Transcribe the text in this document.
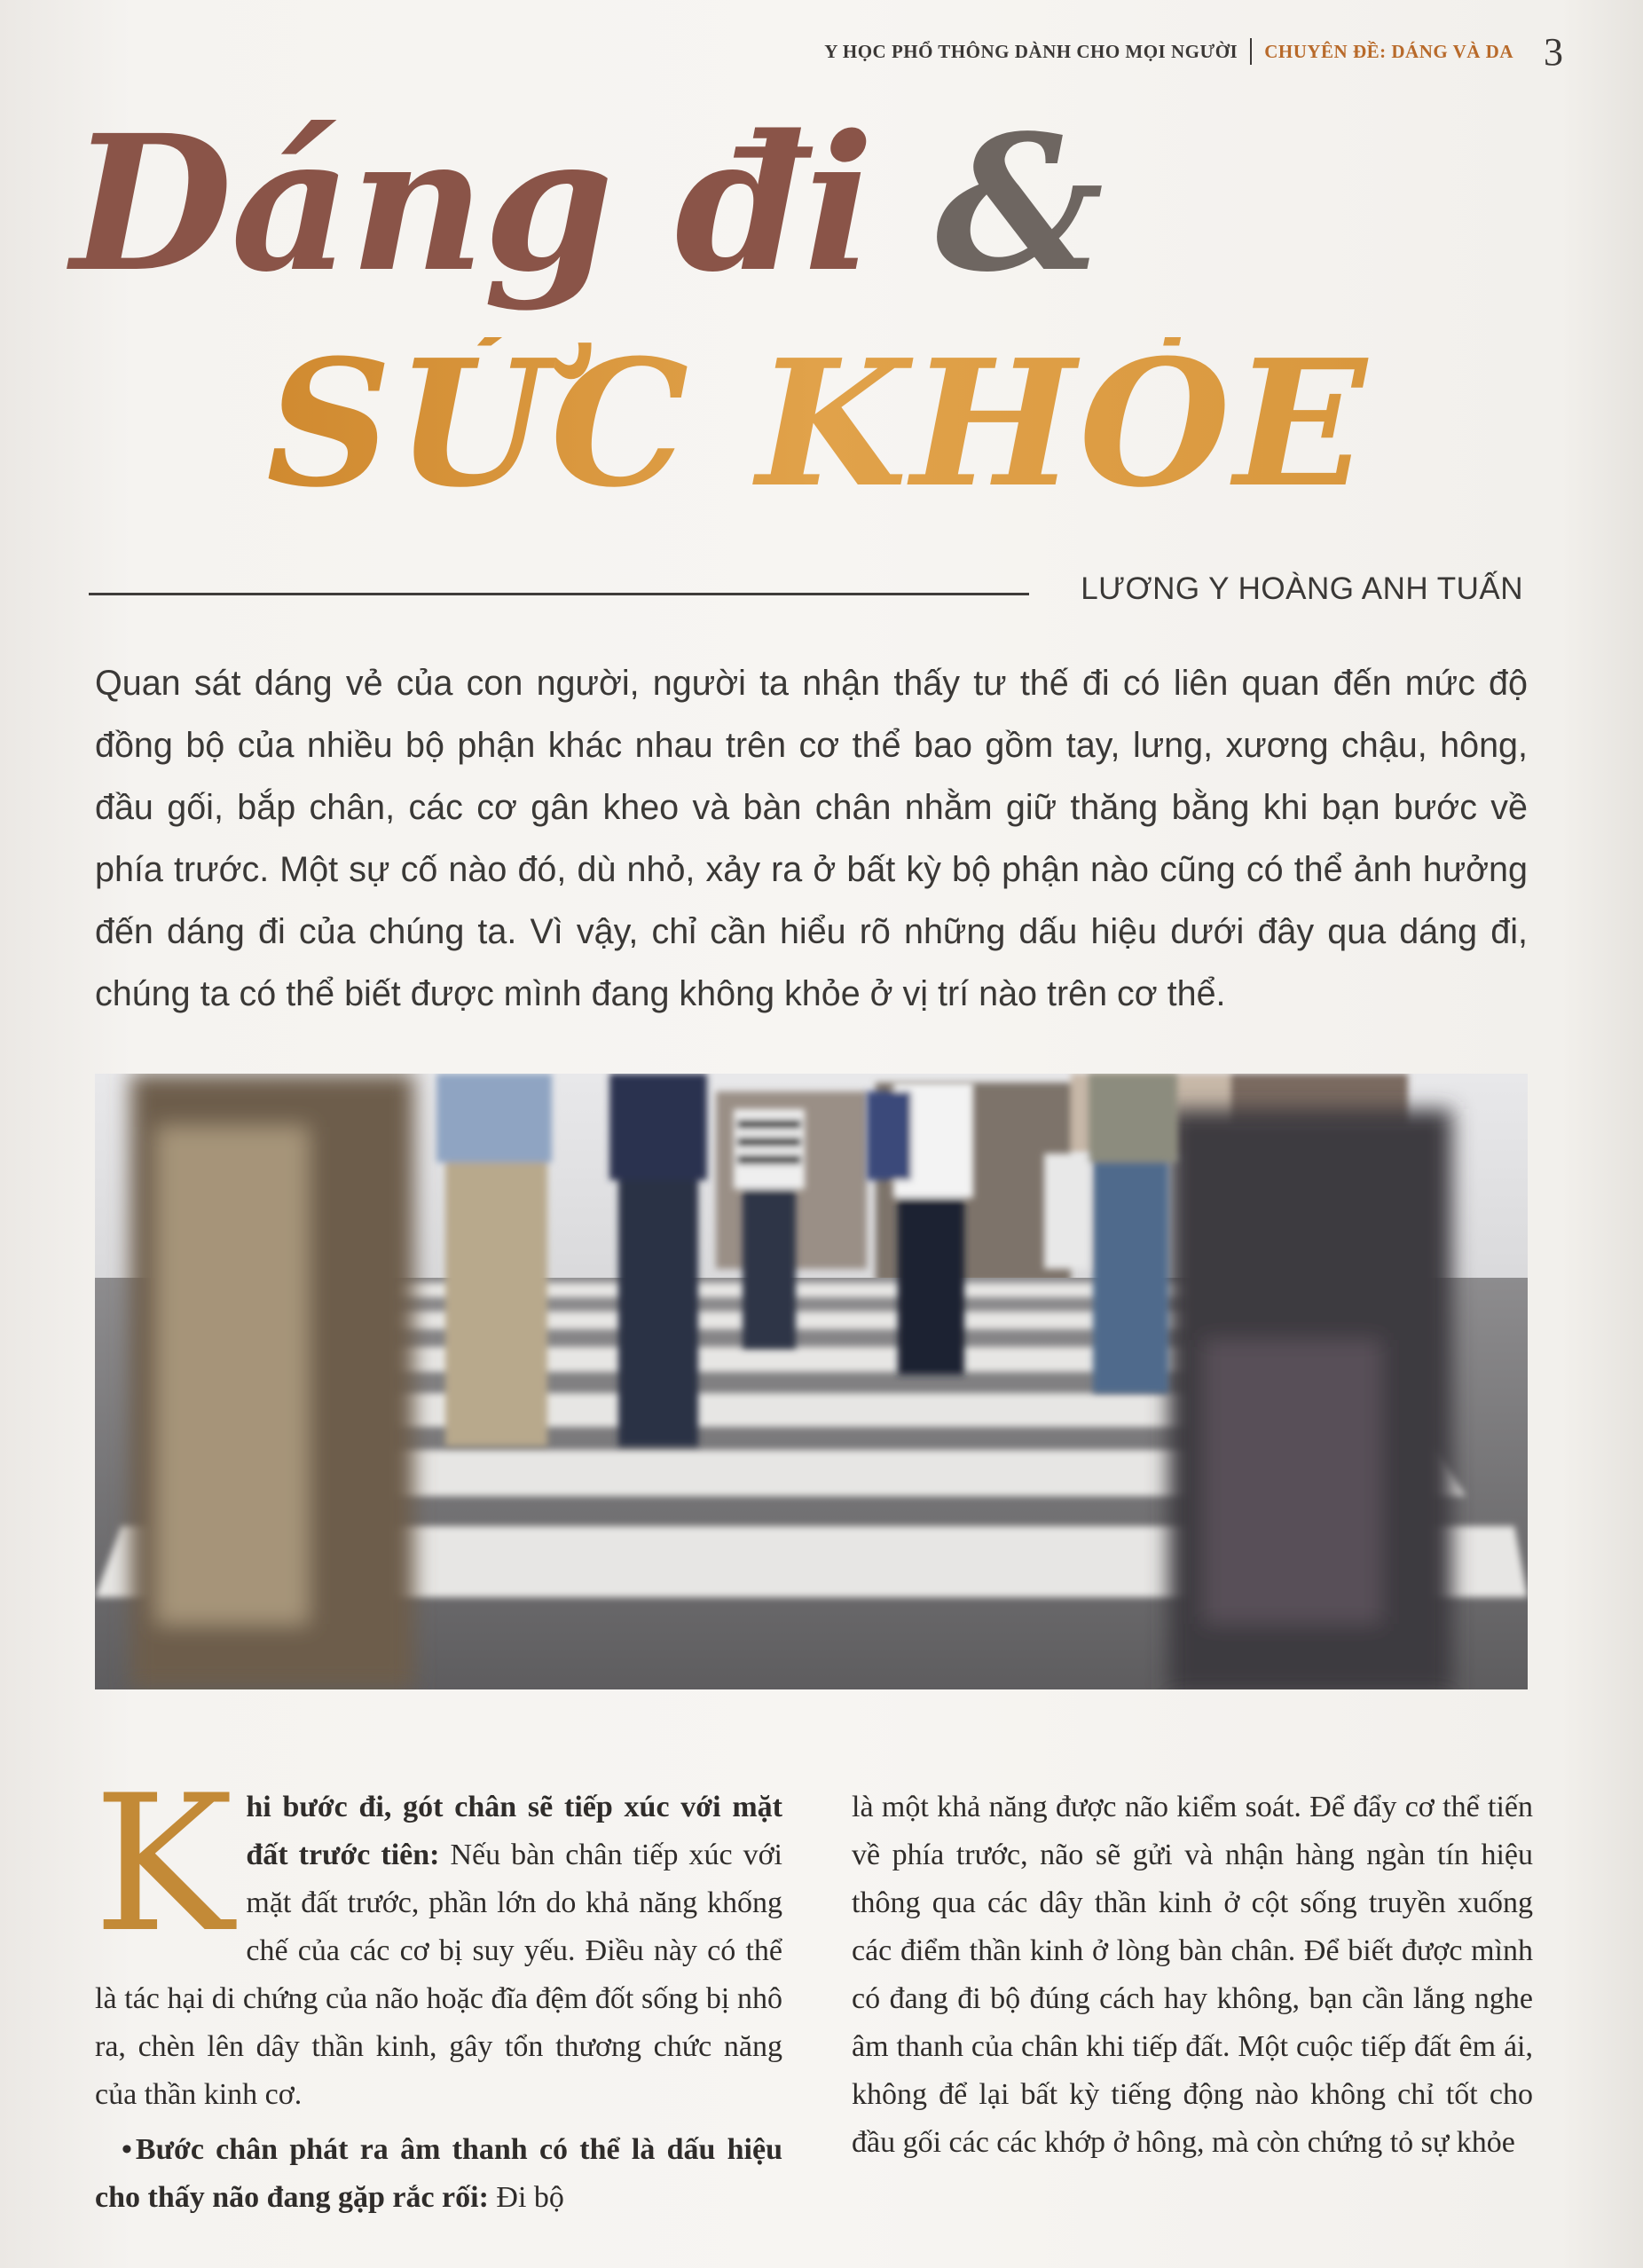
Y HỌC PHỔ THÔNG DÀNH CHO MỌI NGƯỜI CHUYÊN ĐỀ: DÁNG VÀ DA 3
Dáng đi &
SỨC KHỎE
LƯƠNG Y HOÀNG ANH TUẤN
Quan sát dáng vẻ của con người, người ta nhận thấy tư thế đi có liên quan đến mức độ đồng bộ của nhiều bộ phận khác nhau trên cơ thể bao gồm tay, lưng, xương chậu, hông, đầu gối, bắp chân, các cơ gân kheo và bàn chân nhằm giữ thăng bằng khi bạn bước về phía trước. Một sự cố nào đó, dù nhỏ, xảy ra ở bất kỳ bộ phận nào cũng có thể ảnh hưởng đến dáng đi của chúng ta. Vì vậy, chỉ cần hiểu rõ những dấu hiệu dưới đây qua dáng đi, chúng ta có thể biết được mình đang không khỏe ở vị trí nào trên cơ thể.
K hi bước đi, gót chân sẽ tiếp xúc với mặt đất trước tiên: Nếu bàn chân tiếp xúc với mặt đất trước, phần lớn do khả năng khống chế của các cơ bị suy yếu. Điều này có thể là tác hại di chứng của não hoặc đĩa đệm đốt sống bị nhô ra, chèn lên dây thần kinh, gây tổn thương chức năng của thần kinh cơ.

• Bước chân phát ra âm thanh có thể là dấu hiệu cho thấy não đang gặp rắc rối: Đi bộ

là một khả năng được não kiểm soát. Để đẩy cơ thể tiến về phía trước, não sẽ gửi và nhận hàng ngàn tín hiệu thông qua các dây thần kinh ở cột sống truyền xuống các điểm thần kinh ở lòng bàn chân. Để biết được mình có đang đi bộ đúng cách hay không, bạn cần lắng nghe âm thanh của chân khi tiếp đất. Một cuộc tiếp đất êm ái, không để lại bất kỳ tiếng động nào không chỉ tốt cho đầu gối các các khớp ở hông, mà còn chứng tỏ sự khỏe
